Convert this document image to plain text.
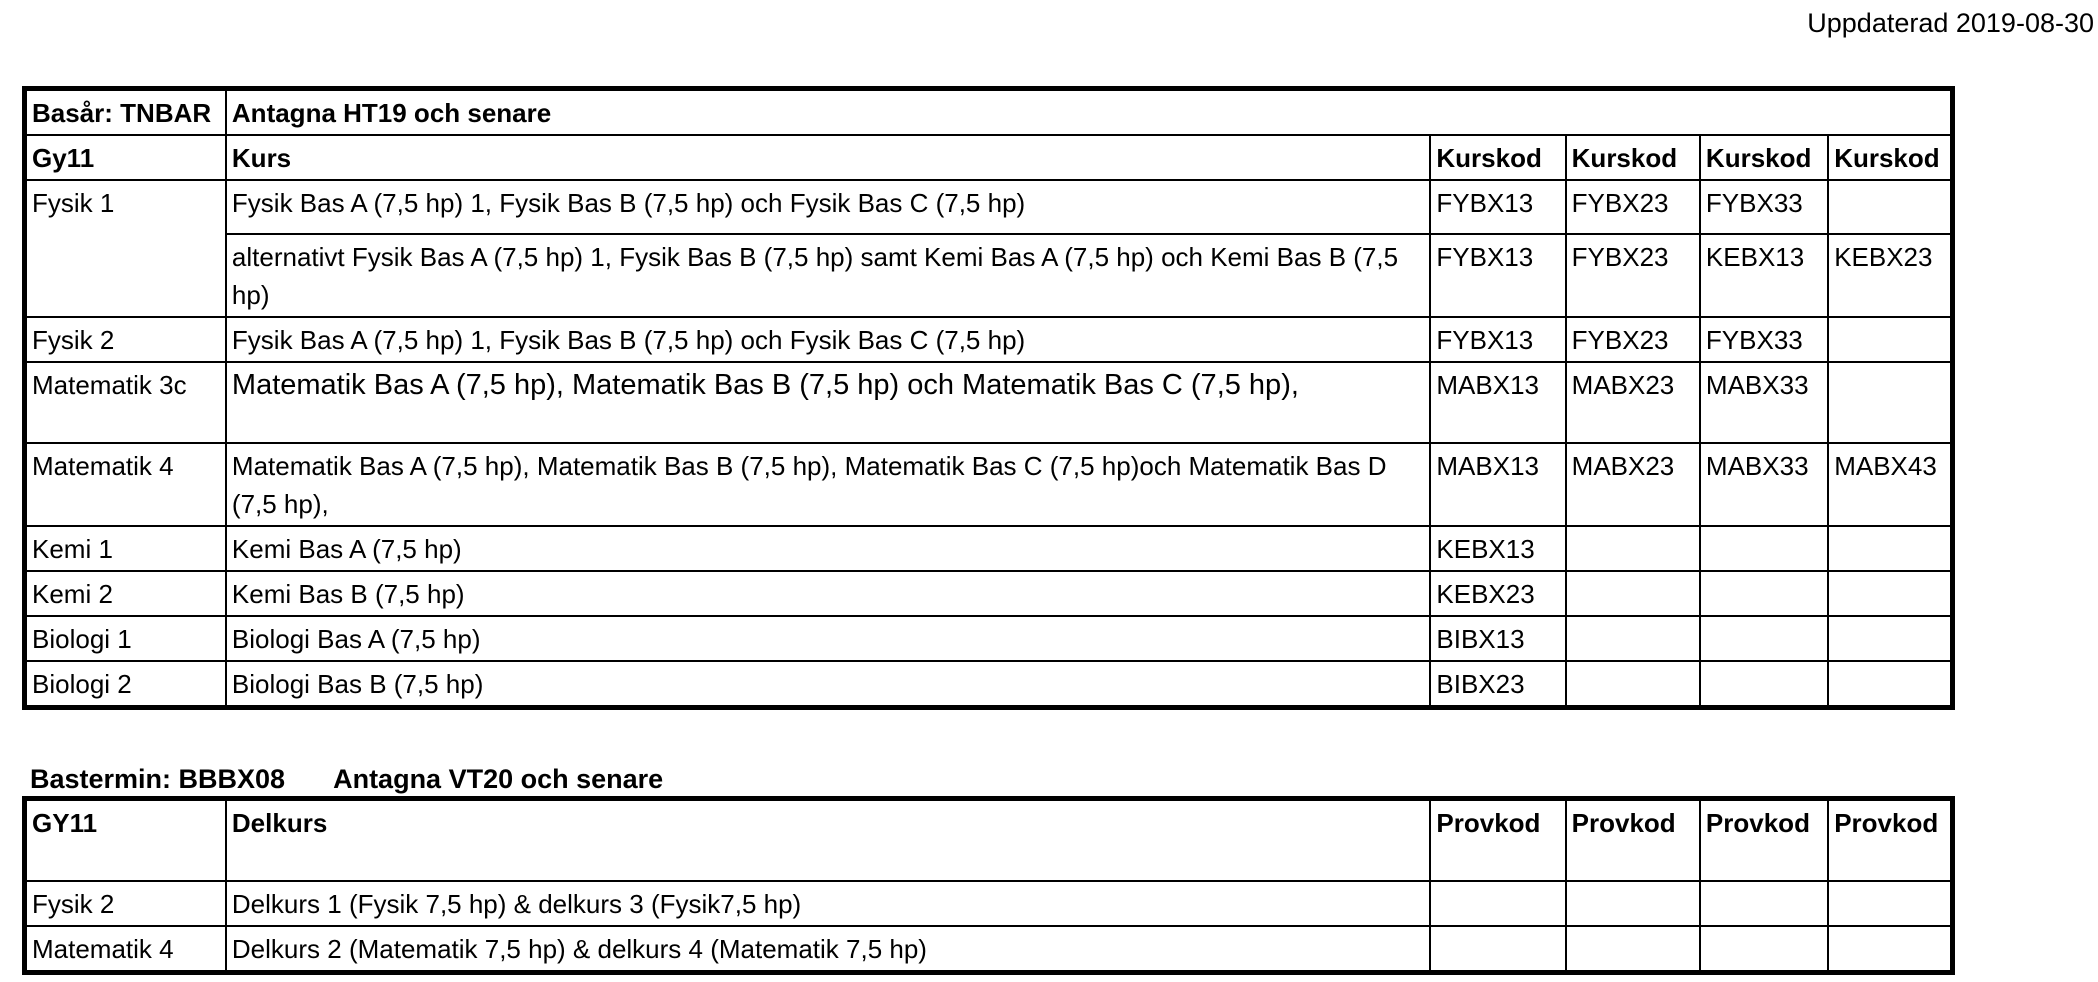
Uppdaterad 2019-08-30
Basår: TNBAR	Antagna HT19 och senare				
Gy11	Kurs	Kurskod	Kurskod	Kurskod	Kurskod
Fysik 1	Fysik Bas A (7,5 hp) 1, Fysik Bas B (7,5 hp) och Fysik Bas C (7,5 hp)	FYBX13	FYBX23	FYBX33	
	alternativt Fysik Bas A (7,5 hp) 1, Fysik Bas B (7,5 hp) samt Kemi Bas A (7,5 hp) och Kemi Bas B (7,5 hp)	FYBX13	FYBX23	KEBX13	KEBX23
Fysik 2	Fysik Bas A (7,5 hp) 1, Fysik Bas B (7,5 hp) och Fysik Bas C (7,5 hp)	FYBX13	FYBX23	FYBX33	
Matematik 3c	Matematik Bas A (7,5 hp), Matematik Bas B (7,5 hp) och Matematik Bas C (7,5 hp),	MABX13	MABX23	MABX33	
Matematik 4	Matematik Bas A (7,5 hp), Matematik Bas B (7,5 hp), Matematik Bas C (7,5 hp)och Matematik Bas D (7,5 hp),	MABX13	MABX23	MABX33	MABX43
Kemi 1	Kemi Bas A (7,5 hp)	KEBX13			
Kemi 2	Kemi Bas B (7,5 hp)	KEBX23			
Biologi 1	Biologi Bas A (7,5 hp)	BIBX13			
Biologi 2	Biologi Bas B (7,5 hp)	BIBX23			
Bastermin: BBBX08 Antagna VT20 och senare
GY11	Delkurs	Provkod	Provkod	Provkod	Provkod
Fysik 2	Delkurs 1 (Fysik 7,5 hp) & delkurs 3 (Fysik7,5 hp)				
Matematik 4	Delkurs 2 (Matematik 7,5 hp) & delkurs 4 (Matematik 7,5 hp)				
